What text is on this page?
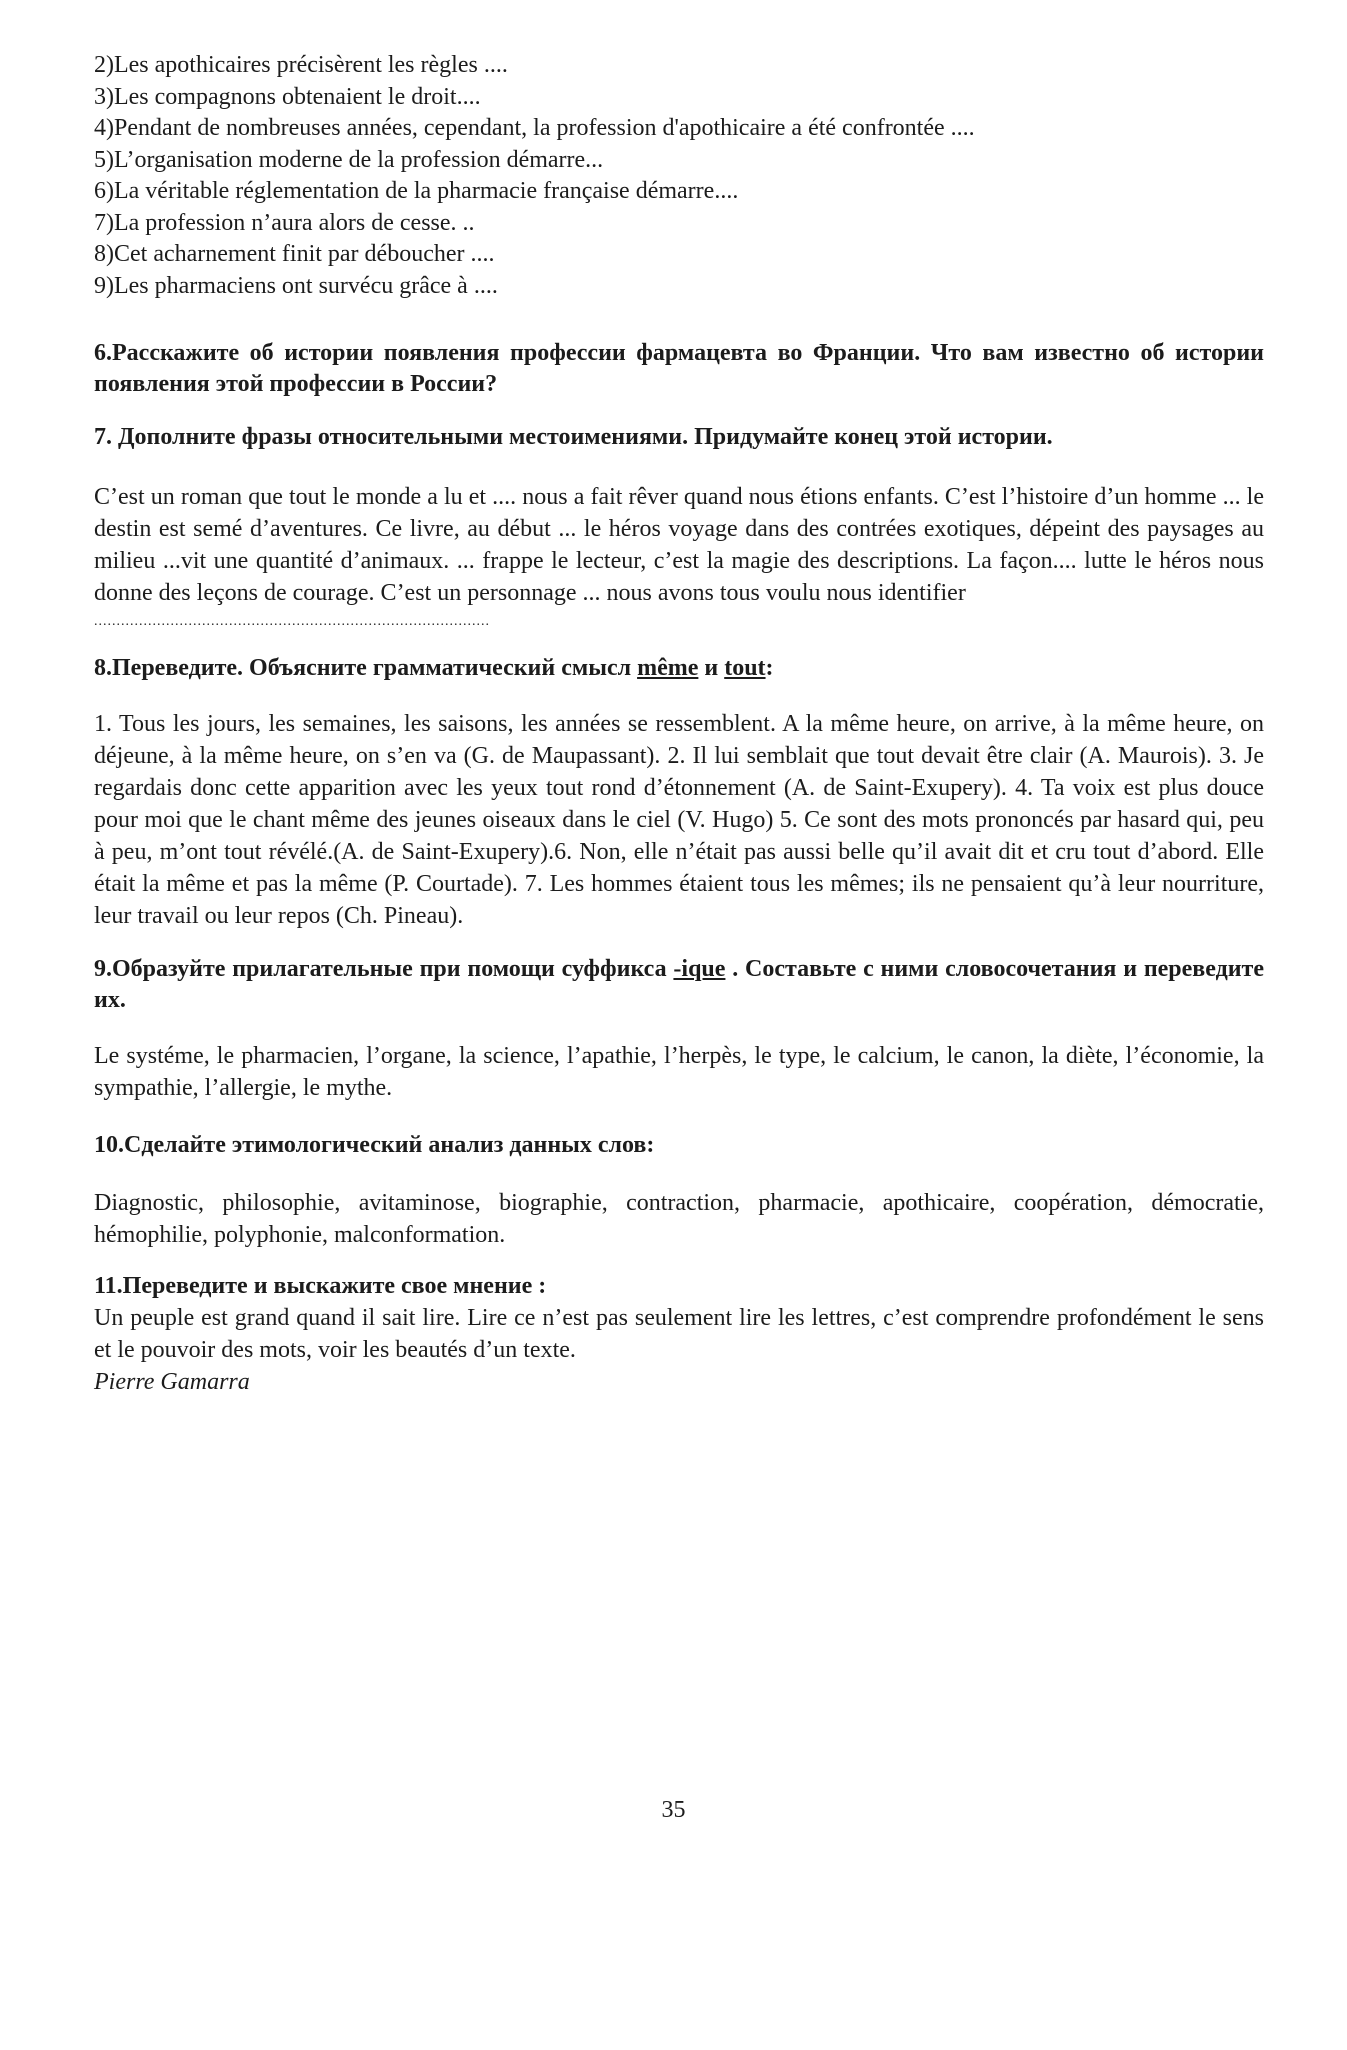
2)Les apothicaires précisèrent les règles ....

3)Les compagnons obtenaient le droit....

4)Pendant de nombreuses années, cependant, la profession d'apothicaire a été confrontée ....

5)L’organisation moderne de la profession démarre...

6)La véritable réglementation de la pharmacie française démarre....

7)La profession n’aura alors de cesse. ..

8)Cet acharnement finit par déboucher ....

9)Les pharmaciens ont survécu grâce à ....

6.Расскажите об истории появления профессии фармацевта во Франции. Что вам известно об истории появления этой профессии в России?

7. Дополните фразы относительными местоимениями. Придумайте конец этой истории.

C’est un roman que tout le monde a lu et .... nous a fait rêver quand nous étions enfants. C’est l’histoire d’un homme ... le destin est semé d’aventures. Ce livre, au début ... le héros voyage dans des contrées exotiques, dépeint des paysages au milieu ...vit une quantité d’animaux. ... frappe le lecteur, c’est la magie des descriptions. La façon.... lutte le héros nous donne des leçons de courage. C’est un personnage ... nous avons tous voulu nous identifier

........................................................................................

8.Переведите. Объясните грамматический смысл même и tout:

1. Tous les jours, les semaines, les saisons, les années se ressemblent. A la même heure, on arrive, à la même heure, on déjeune, à la même heure, on s’en va (G. de Maupassant). 2. Il lui semblait que tout devait être clair (A. Maurois). 3. Je regardais donc cette apparition avec les yeux tout rond d’étonnement (A. de Saint-Exupery). 4. Ta voix est plus douce pour moi que le chant même des jeunes oiseaux dans le ciel (V. Hugo) 5. Ce sont des mots prononcés par hasard qui, peu à peu, m’ont tout révélé.(A. de Saint-Exupery).6. Non, elle n’était pas aussi belle qu’il avait dit et cru tout d’abord. Elle était la même et pas la même (P. Courtade). 7. Les hommes étaient tous les mêmes; ils ne pensaient qu’à leur nourriture, leur travail ou leur repos (Ch. Pineau).

9.Образуйте прилагательные при помощи суффикса -ique . Составьте с ними словосочетания и переведите их.

Le systéme, le pharmacien, l’organe, la science, l’apathie, l’herpès, le type, le calcium, le canon, la diète, l’économie, la sympathie, l’allergie, le mythe.

10.Сделайте этимологический анализ данных слов:

Diagnostic, philosophie, avitaminose, biographie, contraction, pharmacie, apothicaire, coopération, démocratie, hémophilie, polyphonie, malconformation.

11.Переведите и выскажите свое мнение :

Un peuple est grand quand il sait lire. Lire ce n’est pas seulement lire les lettres, c’est comprendre profondément le sens et le pouvoir des mots, voir les beautés d’un texte.

Pierre Gamarra

35
